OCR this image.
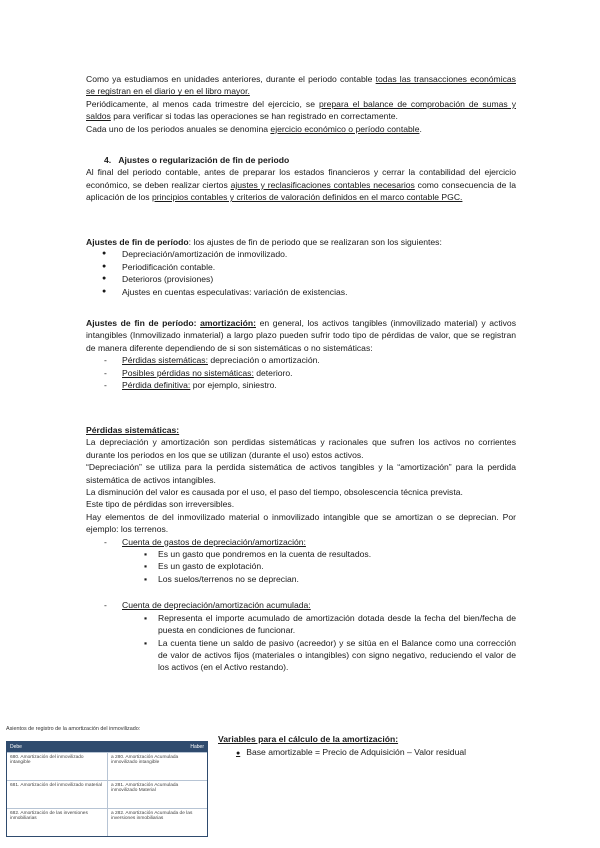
Como ya estudiamos en unidades anteriores, durante el periodo contable todas las transacciones económicas se registran en el diario y en el libro mayor.

Periódicamente, al menos cada trimestre del ejercicio, se prepara el balance de comprobación de sumas y saldos para verificar si todas las operaciones se han registrado en correctamente.

Cada uno de los periodos anuales se denomina ejercicio económico o período contable.

4.   Ajustes o regularización de fin de periodo

Al final del periodo contable, antes de preparar los estados financieros y cerrar la contabilidad del ejercicio económico, se deben realizar ciertos ajustes y reclasificaciones contables necesarios como consecuencia de la aplicación de los principios contables y criterios de valoración definidos en el marco contable PGC.

Ajustes de fin de período: los ajustes de fin de periodo que se realizaran son los siguientes:

● Depreciación/amortización de inmovilizado.
● Periodificación contable.
● Deterioros (provisiones)
● Ajustes en cuentas especulativas: variación de existencias.

Ajustes de fin de período: amortización: en general, los activos tangibles (inmovilizado material) y activos intangibles (Inmovilizado inmaterial) a largo plazo pueden sufrir todo tipo de pérdidas de valor, que se registran de manera diferente dependiendo de si son sistemáticas o no sistemáticas:

- Pérdidas sistemáticas: depreciación o amortización.
- Posibles pérdidas no sistemáticas: deterioro.
- Pérdida definitiva: por ejemplo, siniestro.

Pérdidas sistemáticas:

La depreciación y amortización son perdidas sistemáticas y racionales que sufren los activos no corrientes durante los periodos en los que se utilizan (durante el uso) estos activos.

“Depreciación” se utiliza para la perdida sistemática de activos tangibles y la “amortización” para la perdida sistemática de activos intangibles.

La disminución del valor es causada por el uso, el paso del tiempo, obsolescencia técnica prevista.

Este tipo de pérdidas son irreversibles.

Hay elementos de del inmovilizado material o inmovilizado intangible que se amortizan o se deprecian. Por ejemplo: los terrenos.

- Cuenta de gastos de depreciación/amortización:

▪ Es un gasto que pondremos en la cuenta de resultados.
▪ Es un gasto de explotación.
▪ Los suelos/terrenos no se deprecian.

- Cuenta de depreciación/amortización acumulada:

▪ Representa el importe acumulado de amortización dotada desde la fecha del bien/fecha de puesta en condiciones de funcionar.
▪ La cuenta tiene un saldo de pasivo (acreedor) y se sitúa en el Balance como una corrección de valor de activos fijos (materiales o intangibles) con signo negativo, reduciendo el valor de los activos (en el Activo restando).
Asientos de registro de la amortización del inmovilizado:
Debe	Haber
680. Amortización del inmovilizado intangible
a 280. Amortización Acumulada inmovilizado intangible
681. Amortización del inmovilizado material	a 281. Amortización Acumulada inmovilizado Material
682. Amortización de las inversiones inmobiliarias
a 282. Amortización Acumulada de las inversiones inmobiliarias
Variables para el cálculo de la amortización:
● Base amortizable = Precio de Adquisición – Valor residual
